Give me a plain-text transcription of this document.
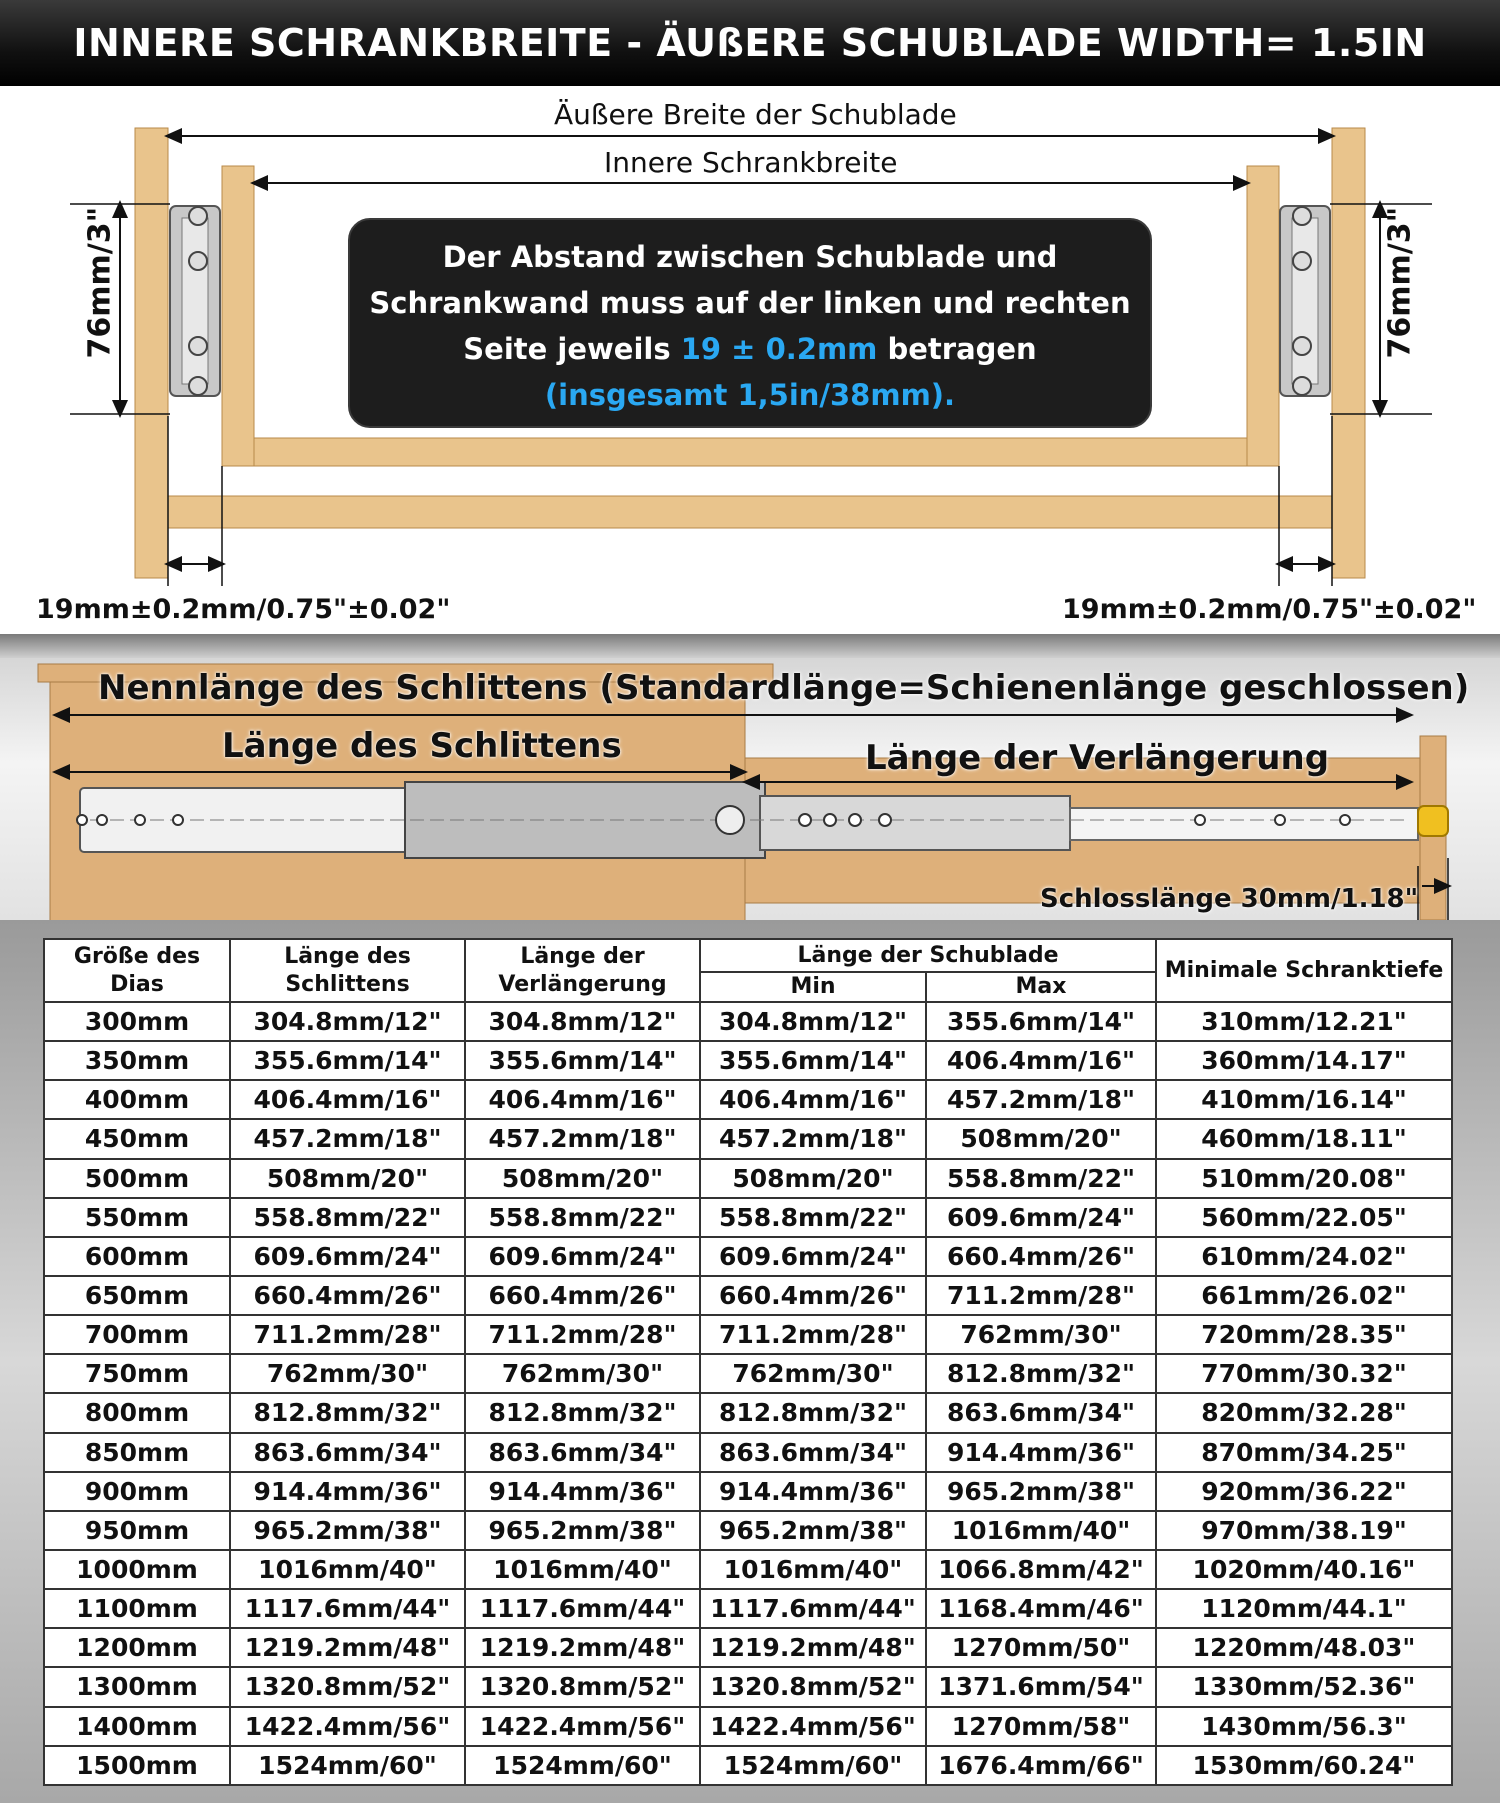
INNERE SCHRANKBREITE - ÄUßERE SCHUBLADE WIDTH= 1.5IN
Äußere Breite der Schublade
Innere Schrankbreite
76mm/3"	76mm/3"
19mm±0.2mm/0.75"±0.02"	19mm±0.2mm/0.75"±0.02"
Der Abstand zwischen Schublade und
Schrankwand muss auf der linken und rechten
Seite jeweils 19 ± 0.2mm betragen
(insgesamt 1,5in/38mm).
Nennlänge des Schlittens (Standardlänge=Schienenlänge geschlossen)
Länge des Schlittens	Länge der Verlängerung
Schlosslänge 30mm/1.18"
Größe des Dias	Länge des Schlittens	Länge der Verlängerung	Länge der Schublade		Minimale Schranktiefe
			Min	Max	
300mm	304.8mm/12"	304.8mm/12"	304.8mm/12"	355.6mm/14"	310mm/12.21"
350mm	355.6mm/14"	355.6mm/14"	355.6mm/14"	406.4mm/16"	360mm/14.17"
400mm	406.4mm/16"	406.4mm/16"	406.4mm/16"	457.2mm/18"	410mm/16.14"
450mm	457.2mm/18"	457.2mm/18"	457.2mm/18"	508mm/20"	460mm/18.11"
500mm	508mm/20"	508mm/20"	508mm/20"	558.8mm/22"	510mm/20.08"
550mm	558.8mm/22"	558.8mm/22"	558.8mm/22"	609.6mm/24"	560mm/22.05"
600mm	609.6mm/24"	609.6mm/24"	609.6mm/24"	660.4mm/26"	610mm/24.02"
650mm	660.4mm/26"	660.4mm/26"	660.4mm/26"	711.2mm/28"	661mm/26.02"
700mm	711.2mm/28"	711.2mm/28"	711.2mm/28"	762mm/30"	720mm/28.35"
750mm	762mm/30"	762mm/30"	762mm/30"	812.8mm/32"	770mm/30.32"
800mm	812.8mm/32"	812.8mm/32"	812.8mm/32"	863.6mm/34"	820mm/32.28"
850mm	863.6mm/34"	863.6mm/34"	863.6mm/34"	914.4mm/36"	870mm/34.25"
900mm	914.4mm/36"	914.4mm/36"	914.4mm/36"	965.2mm/38"	920mm/36.22"
950mm	965.2mm/38"	965.2mm/38"	965.2mm/38"	1016mm/40"	970mm/38.19"
1000mm	1016mm/40"	1016mm/40"	1016mm/40"	1066.8mm/42"	1020mm/40.16"
1100mm	1117.6mm/44"	1117.6mm/44"	1117.6mm/44"	1168.4mm/46"	1120mm/44.1"
1200mm	1219.2mm/48"	1219.2mm/48"	1219.2mm/48"	1270mm/50"	1220mm/48.03"
1300mm	1320.8mm/52"	1320.8mm/52"	1320.8mm/52"	1371.6mm/54"	1330mm/52.36"
1400mm	1422.4mm/56"	1422.4mm/56"	1422.4mm/56"	1270mm/58"	1430mm/56.3"
1500mm	1524mm/60"	1524mm/60"	1524mm/60"	1676.4mm/66"	1530mm/60.24"
